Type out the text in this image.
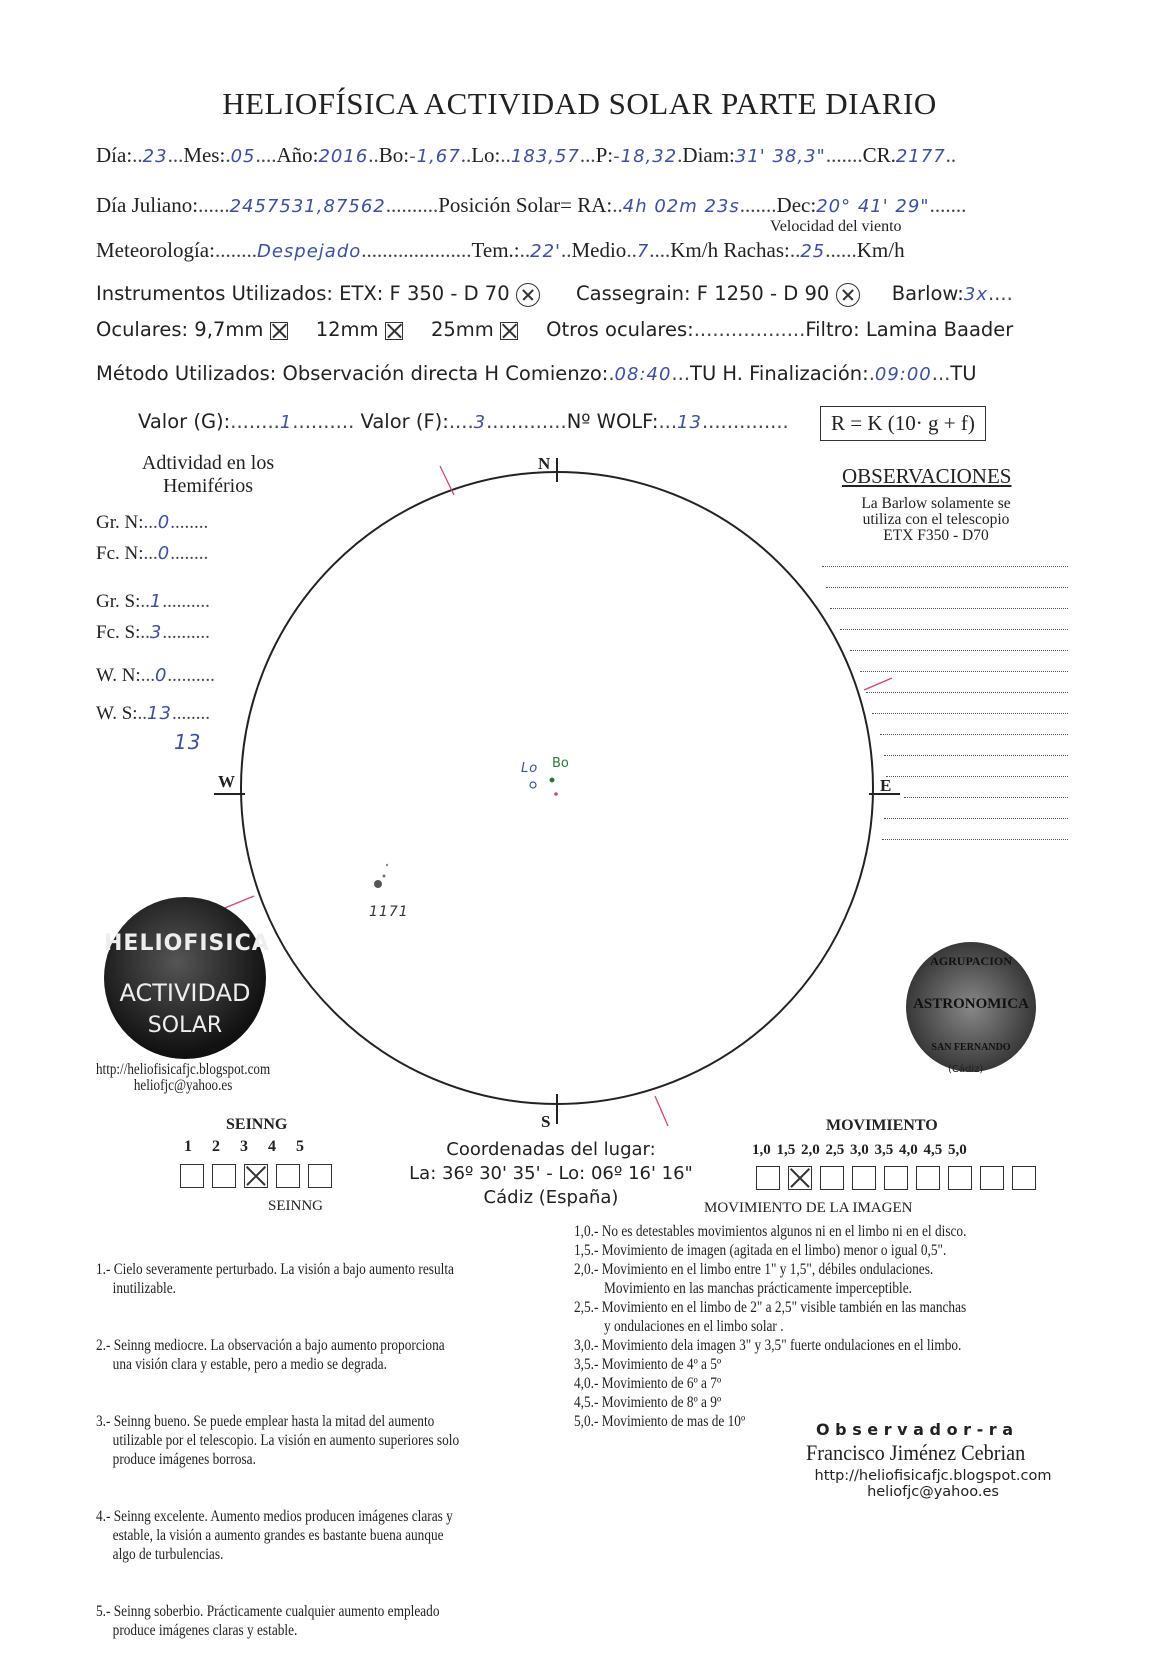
HELIOFÍSICA ACTIVIDAD SOLAR PARTE DIARIO
Día:..23...Mes:.05....Año:2016..Bo:-1,67..Lo:..183,57...P:-18,32.Diam:31' 38,3".......CR.2177..
Día Juliano:......2457531,87562..........Posición Solar= RA:..4h 02m 23s.......Dec:20° 41' 29".......
Velocidad del viento
Meteorología:........Despejado.....................Tem.:..22'..Medio..7....Km/h Rachas:..25......Km/h
Instrumentos Utilizados: ETX: F 350 - D 70	Cassegrain: F 1250 - D 90	Barlow:3x....
Oculares: 9,7mm	12mm	25mm	Otros oculares:..................Filtro: Lamina Baader
Método Utilizados: Observación directa H Comienzo:.08:40...TU H. Finalización:.09:00...TU
Valor (G):........1.......... Valor (F):....3.............Nº WOLF:...13..............	R = K (10· g + f)
Adtividad en los
Hemiférios
Gr. N:...0........
Fc. N:...0........
Gr. S:..1..........
Fc. S:..3..........
W. N:...0..........
W. S:..13........
13
N
S
W	E
Lo Bo
1171
OBSERVACIONES
La Barlow solamente se
utiliza con el telescopio
ETX F350 - D70
HELIOFISICA
ACTIVIDAD
SOLAR
http://heliofisicafjc.blogspot.com
heliofjc@yahoo.es
AGRUPACION
ASTRONOMICA
SAN FERNANDO
(Cádiz)
SEINNG
1 2 3 4 5
SEINNG

1.- Cielo severamente perturbado. La visión a bajo aumento resulta
inutilizable.

2.- Seinng mediocre. La observación a bajo aumento proporciona
una visión clara y estable, pero a medio se degrada.

3.- Seinng bueno. Se puede emplear hasta la mitad del aumento
utilizable por el telescopio. La visión en aumento superiores solo
produce imágenes borrosa.

4.- Seinng excelente. Aumento medios producen imágenes claras y
estable, la visión a aumento grandes es bastante buena aunque
algo de turbulencias.

5.- Seinng soberbio. Prácticamente cualquier aumento empleado
produce imágenes claras y estable.

Coordenadas del lugar:
La: 36º 30' 35' - Lo: 06º 16' 16"
Cádiz (España)
MOVIMIENTO
1,0 1,5 2,0 2,5 3,0 3,5 4,0 4,5 5,0
MOVIMIENTO DE LA IMAGEN
1,0.- No es detestables movimientos algunos ni en el limbo ni en el disco.
1,5.- Movimiento de imagen (agitada en el limbo) menor o igual 0,5".
2,0.- Movimiento en el limbo entre 1" y 1,5", débiles ondulaciones.
Movimiento en las manchas prácticamente imperceptible.
2,5.- Movimiento en el limbo de 2" a 2,5" visible también en las manchas
y ondulaciones en el limbo solar .
3,0.- Movimiento dela imagen 3" y 3,5" fuerte ondulaciones en el limbo.
3,5.- Movimiento de 4º a 5º
4,0.- Movimiento de 6º a 7º
4,5.- Movimiento de 8º a 9º
5,0.- Movimiento de mas de 10º	O b s e r v a d o r - r a
Francisco Jiménez Cebrian
http://heliofisicafjc.blogspot.com
heliofjc@yahoo.es
